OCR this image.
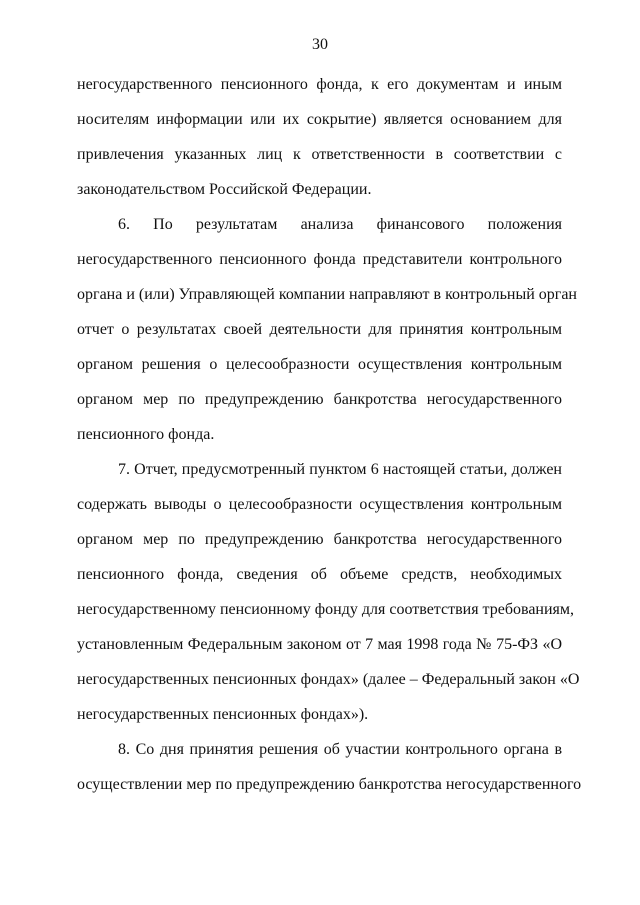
30
негосударственного пенсионного фонда, к его документам и иным
носителям информации или их сокрытие) является основанием для
привлечения указанных лиц к ответственности в соответствии с
законодательством Российской Федерации.
6. По результатам анализа финансового положения
негосударственного пенсионного фонда представители контрольного
органа и (или) Управляющей компании направляют в контрольный орган
отчет о результатах своей деятельности для принятия контрольным
органом решения о целесообразности осуществления контрольным
органом мер по предупреждению банкротства негосударственного
пенсионного фонда.
7. Отчет, предусмотренный пунктом 6 настоящей статьи, должен
содержать выводы о целесообразности осуществления контрольным
органом мер по предупреждению банкротства негосударственного
пенсионного фонда, сведения об объеме средств, необходимых
негосударственному пенсионному фонду для соответствия требованиям,
установленным Федеральным законом от 7 мая 1998 года № 75-ФЗ «О
негосударственных пенсионных фондах» (далее – Федеральный закон «О
негосударственных пенсионных фондах»).
8. Со дня принятия решения об участии контрольного органа в
осуществлении мер по предупреждению банкротства негосударственного
